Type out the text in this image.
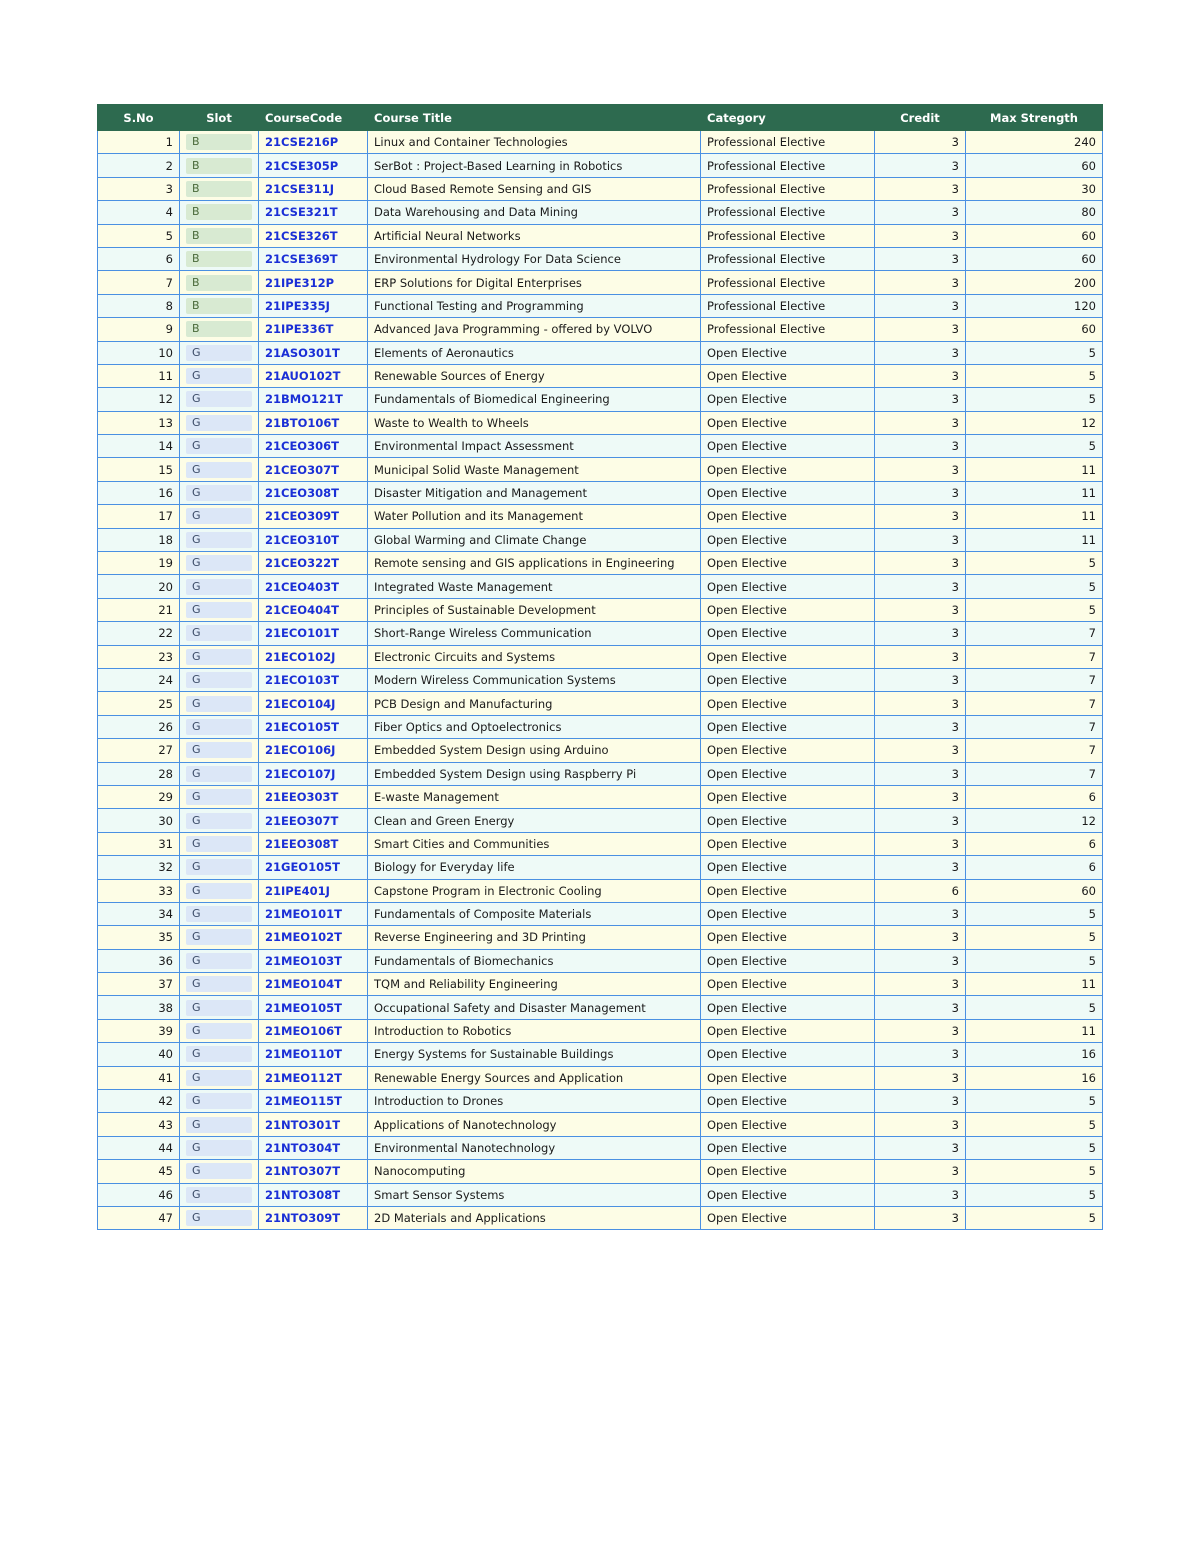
S.No	Slot	CourseCode	Course Title	Category	Credit	Max Strength
1	B	21CSE216P	Linux and Container Technologies	Professional Elective	3	240
2	B	21CSE305P	SerBot : Project-Based Learning in Robotics	Professional Elective	3	60
3	B	21CSE311J	Cloud Based Remote Sensing and GIS	Professional Elective	3	30
4	B	21CSE321T	Data Warehousing and Data Mining	Professional Elective	3	80
5	B	21CSE326T	Artificial Neural Networks	Professional Elective	3	60
6	B	21CSE369T	Environmental Hydrology For Data Science	Professional Elective	3	60
7	B	21IPE312P	ERP Solutions for Digital Enterprises	Professional Elective	3	200
8	B	21IPE335J	Functional Testing and Programming	Professional Elective	3	120
9	B	21IPE336T	Advanced Java Programming - offered by VOLVO	Professional Elective	3	60
10	G	21ASO301T	Elements of Aeronautics	Open Elective	3	5
11	G	21AUO102T	Renewable Sources of Energy	Open Elective	3	5
12	G	21BMO121T	Fundamentals of Biomedical Engineering	Open Elective	3	5
13	G	21BTO106T	Waste to Wealth to Wheels	Open Elective	3	12
14	G	21CEO306T	Environmental Impact Assessment	Open Elective	3	5
15	G	21CEO307T	Municipal Solid Waste Management	Open Elective	3	11
16	G	21CEO308T	Disaster Mitigation and Management	Open Elective	3	11
17	G	21CEO309T	Water Pollution and its Management	Open Elective	3	11
18	G	21CEO310T	Global Warming and Climate Change	Open Elective	3	11
19	G	21CEO322T	Remote sensing and GIS applications in Engineering	Open Elective	3	5
20	G	21CEO403T	Integrated Waste Management	Open Elective	3	5
21	G	21CEO404T	Principles of Sustainable Development	Open Elective	3	5
22	G	21ECO101T	Short-Range Wireless Communication	Open Elective	3	7
23	G	21ECO102J	Electronic Circuits and Systems	Open Elective	3	7
24	G	21ECO103T	Modern Wireless Communication Systems	Open Elective	3	7
25	G	21ECO104J	PCB Design and Manufacturing	Open Elective	3	7
26	G	21ECO105T	Fiber Optics and Optoelectronics	Open Elective	3	7
27	G	21ECO106J	Embedded System Design using Arduino	Open Elective	3	7
28	G	21ECO107J	Embedded System Design using Raspberry Pi	Open Elective	3	7
29	G	21EEO303T	E-waste Management	Open Elective	3	6
30	G	21EEO307T	Clean and Green Energy	Open Elective	3	12
31	G	21EEO308T	Smart Cities and Communities	Open Elective	3	6
32	G	21GEO105T	Biology for Everyday life	Open Elective	3	6
33	G	21IPE401J	Capstone Program in Electronic Cooling	Open Elective	6	60
34	G	21MEO101T	Fundamentals of Composite Materials	Open Elective	3	5
35	G	21MEO102T	Reverse Engineering and 3D Printing	Open Elective	3	5
36	G	21MEO103T	Fundamentals of Biomechanics	Open Elective	3	5
37	G	21MEO104T	TQM and Reliability Engineering	Open Elective	3	11
38	G	21MEO105T	Occupational Safety and Disaster Management	Open Elective	3	5
39	G	21MEO106T	Introduction to Robotics	Open Elective	3	11
40	G	21MEO110T	Energy Systems for Sustainable Buildings	Open Elective	3	16
41	G	21MEO112T	Renewable Energy Sources and Application	Open Elective	3	16
42	G	21MEO115T	Introduction to Drones	Open Elective	3	5
43	G	21NTO301T	Applications of Nanotechnology	Open Elective	3	5
44	G	21NTO304T	Environmental Nanotechnology	Open Elective	3	5
45	G	21NTO307T	Nanocomputing	Open Elective	3	5
46	G	21NTO308T	Smart Sensor Systems	Open Elective	3	5
47	G	21NTO309T	2D Materials and Applications	Open Elective	3	5
